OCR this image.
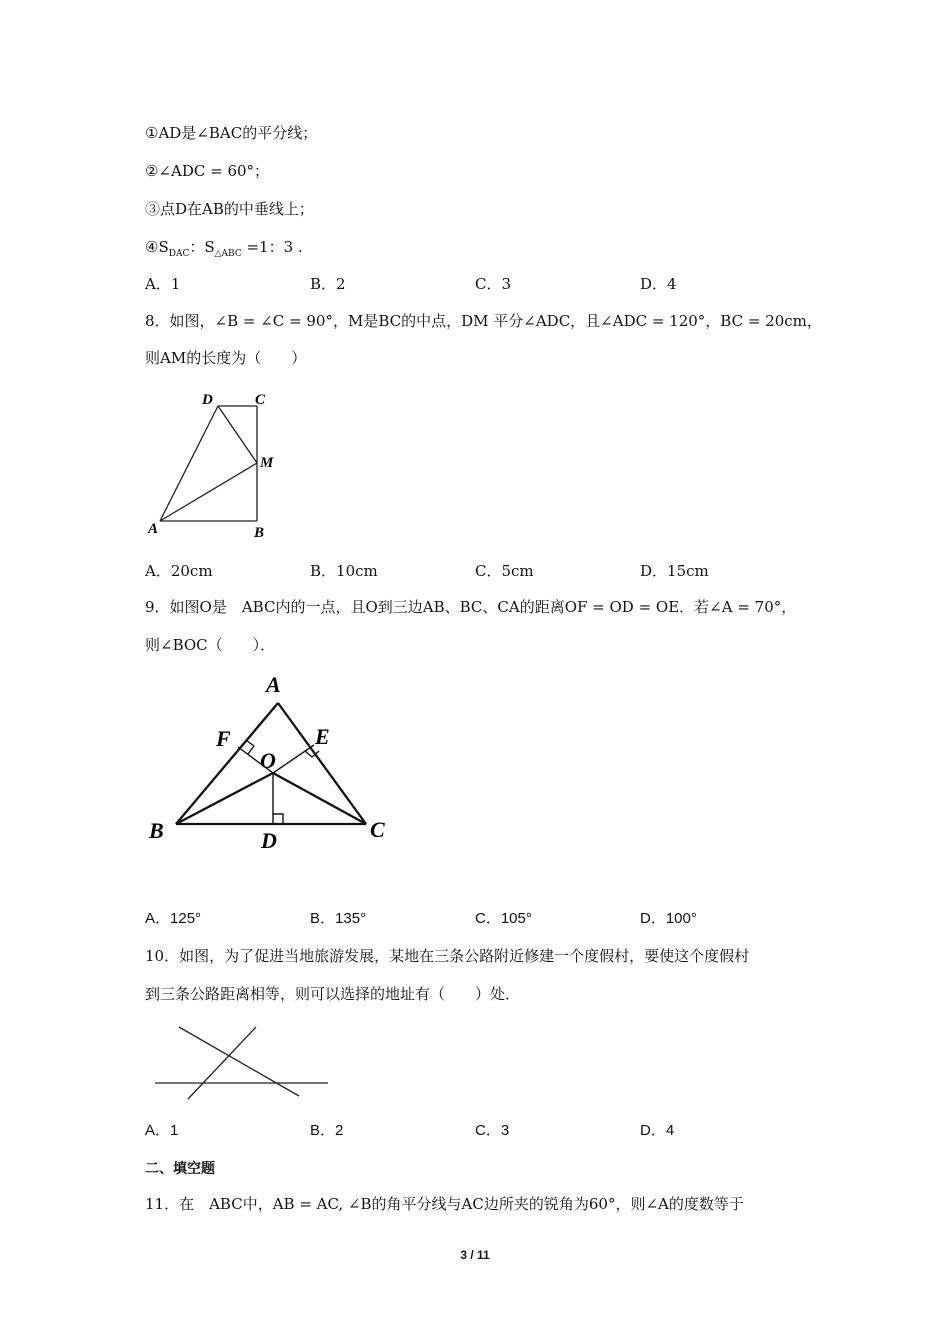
①AD是∠BAC的平分线；
②∠ADC = 60°；
③点D在AB的中垂线上；
$④S_{DAC}$：$S_{\triangle ABC} =1$：3 .
A．1	B．2	C．3	D．4
8．如图，∠B = ∠C = 90°，M是BC的中点，DM 平分∠ADC，且∠ADC = 120°，BC = 20cm，
则AM的长度为（　　）
D	C
M
A	B
A．20cm	B．10cm	C．5cm	D．15cm
9．如图O是　ABC内的一点，且O到三边AB、BC、CA的距离OF = OD = OE．若∠A = 70°，
则∠BOC（　　）．
A
F	E
O
B	D	C
A．125°	B．135°	C．105°	D．100°
10．如图，为了促进当地旅游发展，某地在三条公路附近修建一个度假村，要使这个度假村
到三条公路距离相等，则可以选择的地址有（　　）处．
A．1	B．2	C．3	D．4
二、填空题
11．在　ABC中，AB = AC, ∠B的角平分线与AC边所夹的锐角为60°，则∠A的度数等于
3 / 11
